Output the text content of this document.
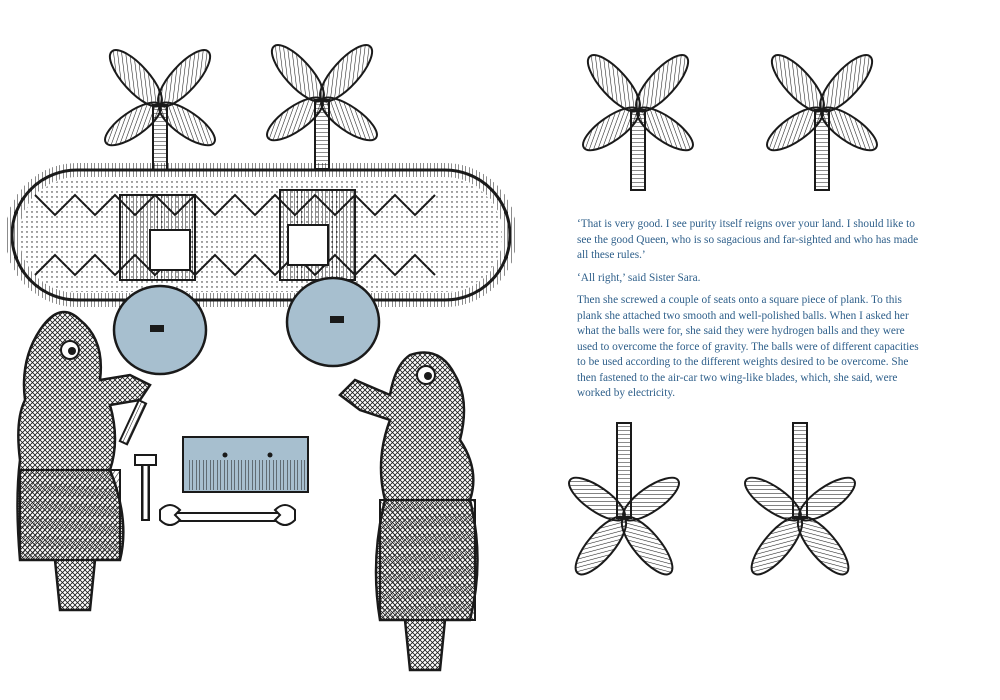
‘That is very good. I see purity itself reigns over your land. I should like to see the good Queen, who is so sagacious and far-sighted and who has made all these rules.’

‘All right,’ said Sister Sara.

Then she screwed a couple of seats onto a square piece of plank. To this plank she attached two smooth and well-polished balls. When I asked her what the balls were for, she said they were hydrogen balls and they were used to overcome the force of gravity. The balls were of different capacities to be used according to the different weights desired to be overcome. She then fastened to the air-car two wing-like blades, which, she said, were worked by electricity.
